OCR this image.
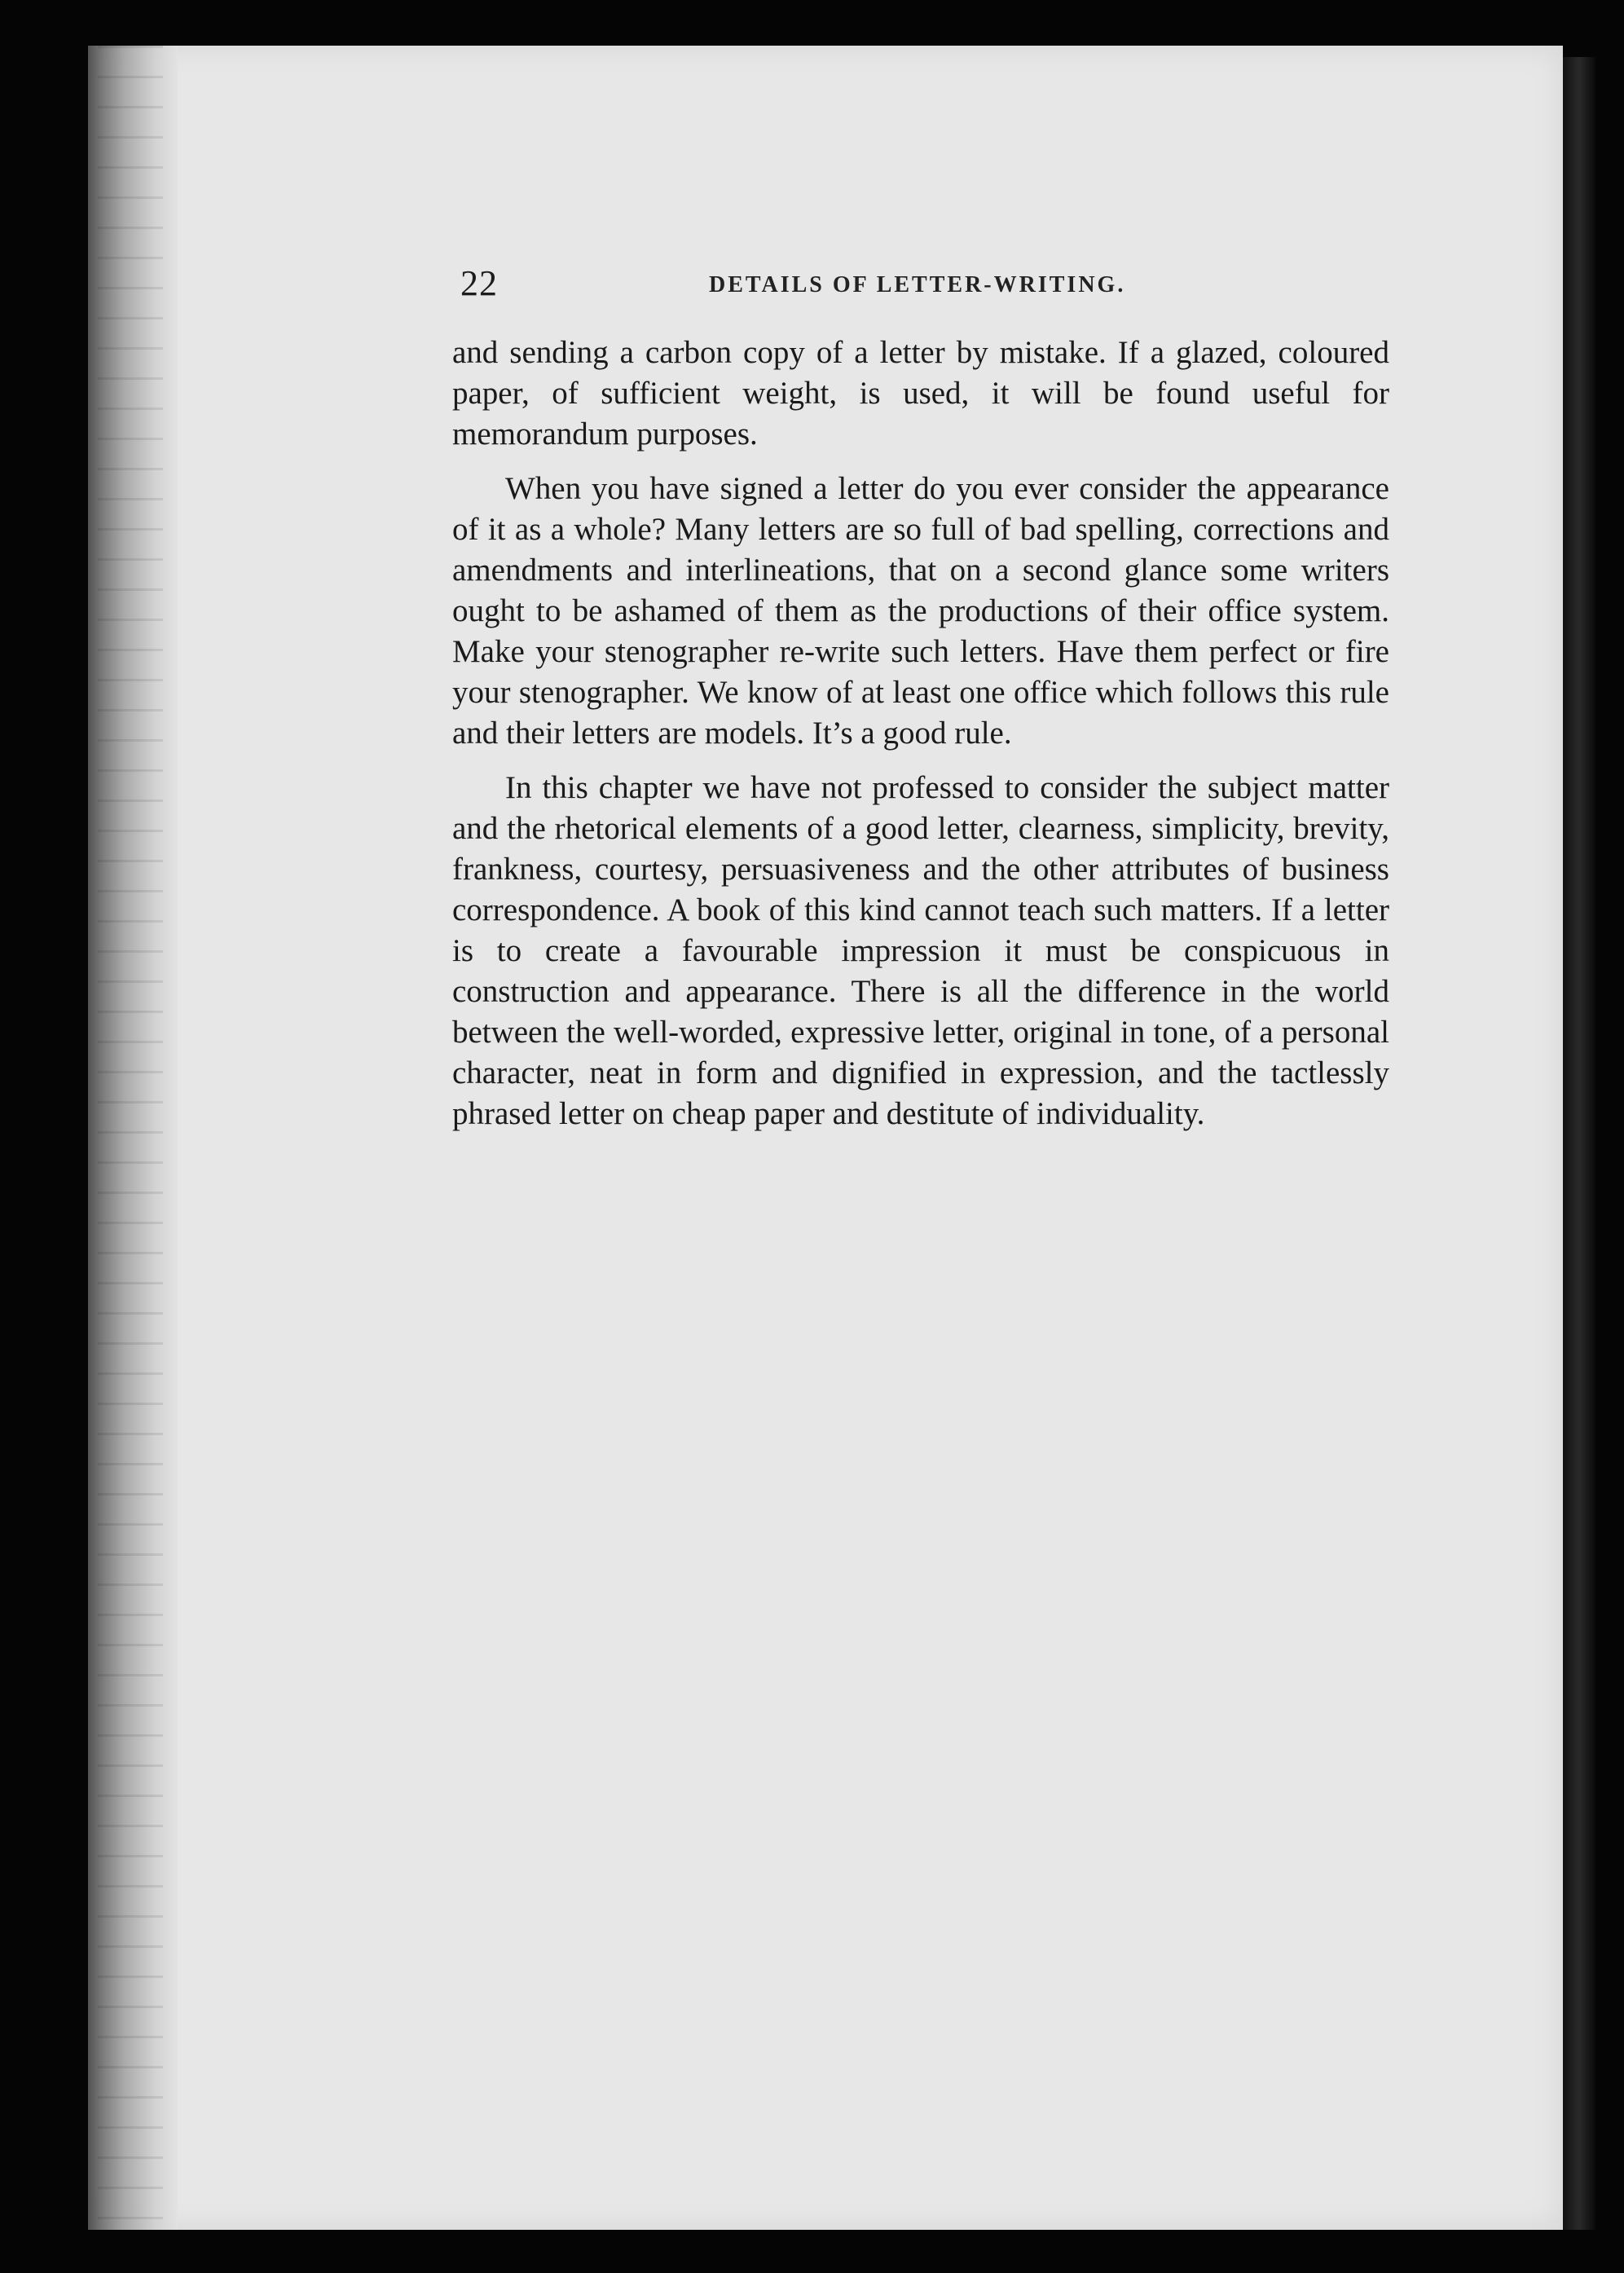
22	DETAILS OF LETTER-WRITING.

and sending a carbon copy of a letter by mistake. If a glazed, coloured paper, of sufficient weight, is used, it will be found useful for memorandum purposes.

When you have signed a letter do you ever consider the appearance of it as a whole? Many letters are so full of bad spelling, corrections and amendments and interlineations, that on a second glance some writers ought to be ashamed of them as the productions of their office system. Make your stenographer re-write such letters. Have them perfect or fire your stenographer. We know of at least one office which follows this rule and their letters are models. It’s a good rule.

In this chapter we have not professed to consider the subject matter and the rhetorical elements of a good letter, clearness, simplicity, brevity, frankness, courtesy, persuasiveness and the other attributes of business correspondence. A book of this kind cannot teach such matters. If a letter is to create a favourable impression it must be conspicuous in construction and appearance. There is all the difference in the world between the well-worded, expressive letter, original in tone, of a personal character, neat in form and dignified in expression, and the tactlessly phrased letter on cheap paper and destitute of individuality.
